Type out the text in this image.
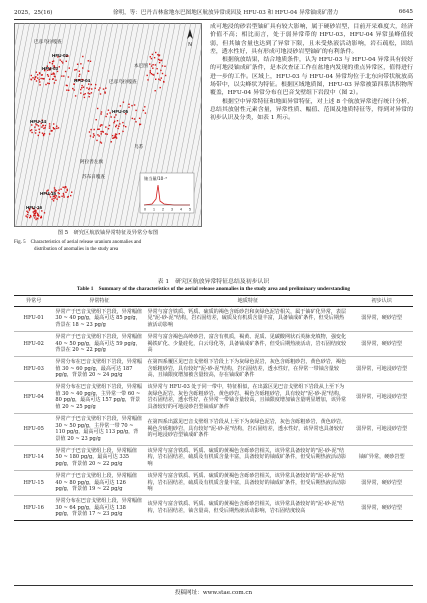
2025，25(16)	徐明，等：巴丹吉林盆地东巴图地区航放异常成因及 HFU-03 和 HFU-04 异常铀成矿潜力	6645
N
巴彦乌拉嘎查
本巴图
巴彦乌拉嘎查
阿拉善左旗
苏布日嘎查
乌苏
HFU-02
HFU-03
HFU-04
HFU-05
HFU-14
HFU-15
HFU-16
铀当量/10⁻⁶
0 1 2 3 4 5
图 5　研究区航放铀异常特征及异常分布图
Fig. 5　Characteristics of aerial release uranium anomalies and
distribution of anomalies in the study area

成可地浸的砂岩型铀矿具有较大影响，属于硬砂岩型，目前开采难度大，经济价值不高；相比而言，处于弱异常带的 HFU-03，HFU-04 异常虽峰值较弱，但其铀含量也达到了异常下限，且未受热液活动影响，岩石疏松，固结差，透水性好，具有形成可地浸砂岩型铀矿的有利条件。

根据航放结果，结合地质条件，认为 HFU-03 与 HFU-04 异常具有较好的可地浸铀成矿条件，是本次查证工作在盆地内发现的重点异常区，值得进行进一步的工作。区域上，HFU-03 与 HFU-04 异常均位于北东向带状航放高场带中，以尖峰状为特征。根据区域地质图，HFU-03 异常被第四系洪积物所覆盖，HFU-04 异常分布在巴音戈壁组下岩段中（图 2）。

根据空中异常特征和地面异常特征，对上述 8 个航放异常进行统计分析，总结其放射性元素含量，异常性质、幅值、范围及地质特征等，得到对异常的初步认识及分类，如表 1 所示。

表 1　研究区航放异常特征总结及初步认识
Table 1　Summary of the characteristics of the aerial release anomalies in the study area and preliminary understanding
异常号	异常特征	地质特征	初步认识
HFU-01	异常产于巴音戈壁组下岩段，异常幅值 30 ~ 40 pg/g，最高可达 85 pg/g，背景在 18 ~ 23 pg/g	异常与富含铁质、钙质、硫质的褐色含砾砂岩和灰绿色泥岩相关，属于铀矿化异常，表层见"泥-砂-泥"结构，岩石固结差，硫质及有机质含量丰富，具备铀成矿条件，但受后期热液活动影响	弱异常，硬砂岩型
HFU-02	异常产于巴音戈壁组下岩段，异常幅值 40 ~ 50 pg/g，最高可达 59 pg/g，背景在 20 ~ 22 pg/g	异常与富含褐色高岭砂岩，富含有机质，褐黄、泥质、见碳酸网状石英脉充填物，强变化褐铁矿化、少量硅化，白云母化等，具备铀成矿条件，但受后期热液活动，岩石固结度较高	弱异常，硬砂岩型
HFU-03	异常分布在巴音戈壁组下岩段，异常幅值 30 ~ 60 pg/g，最高可达 187 pg/g，背景值 20 ~ 24 pg/g	在第四系覆区见巴音戈壁组下岩段上下为灰绿色泥岩，灰色含砾粗砂岩，黄色砂岩，褐色含砾粗砂岩，具有较好"泥-砂-泥"结构，岩石固结差，透水性好，在异常一带铀含量较高，且铀限度增加被含量较高，存在铀成矿条件	弱异常，可地浸砂岩型
HFU-04	异常分布在巴音戈壁组下岩段，异常幅值 30 ~ 40 pg/g，主异常一带 60 ~ 80 pg/g，最高可达 157 pg/g，背景值 20 ~ 25 pg/g	该异常与 HFU-03 处于同一带中，特征相似，在出露区见巴音戈壁组下岩段从上至下为灰绿色泥岩、灰色含砾粗砂岩、黄色砂岩、褐色含砾粗砂岩，具有较好"泥-砂-泥"结构，岩石固结差，透水性好，在异常一带铀含量较高，且铀限度增加铀含量明显增加，该异常具备较好的可地浸砂岩型铀成矿条件	弱异常，可地浸砂岩型
HFU-05	异常产于巴音戈壁组下岩段，异常幅值 30 ~ 50 pg/g，主异常一带 70 ~ 110 pg/g，最高可达 113 pg/g，背景值 20 ~ 23 pg/g	在第四系出露见巴音戈壁组下岩段从上至下为灰绿色泥岩，灰色含砾粗砂岩，黄色砂岩，褐色含砾粗砂岩，具有较好"泥-砂-泥"结构，岩石固结差，透水性好，该异常也具备较好的可地浸砂岩型铀成矿条件	弱异常，可地浸砂岩型
HFU-14	异常产于巴音戈壁组上段，异常幅值 50 ~ 180 pg/g，最高可达 335 pg/g，背景值 20 ~ 22 pg/g	该异常与富含铁质、钙质、硫质的黄褐色含砾砂岩相关，该异常具备较好的"泥-砂-泥"结构，岩石固结差，硫质及有机质含量丰富，具备较好的铀成矿条件，但受后期热液活动影响	铀矿异常，硬砂岩型
HFU-15	异常产于巴音戈壁组上段，异常幅值 40 ~ 80 pg/g，最高可达 126 pg/g，背景值 19 ~ 22 pg/g	该异常与富含铁质、钙质、硫质的黄褐色含砾砂岩相关，该异常具备较好的"泥-砂-泥"结构，岩石固结差，硫质及有机质含量丰富，具备较好的铀成矿条件，但受后期热液活动影响	弱异常，硬砂岩型
HFU-16	异常分布在巴音戈壁组上段，异常幅值 30 ~ 64 pg/g，最高可达 138 pg/g，背景值 17 ~ 23 pg/g	该异常与富含铁质、钙质、硫质的黄褐色含砾砂岩相关，该异常具备较好的"泥-砂-泥"结构，岩石固结差，铀含量高，但受后期热液活动影响，岩石固结度较高	弱异常，硬砂岩型
投稿网址：www.stae.com.cn
